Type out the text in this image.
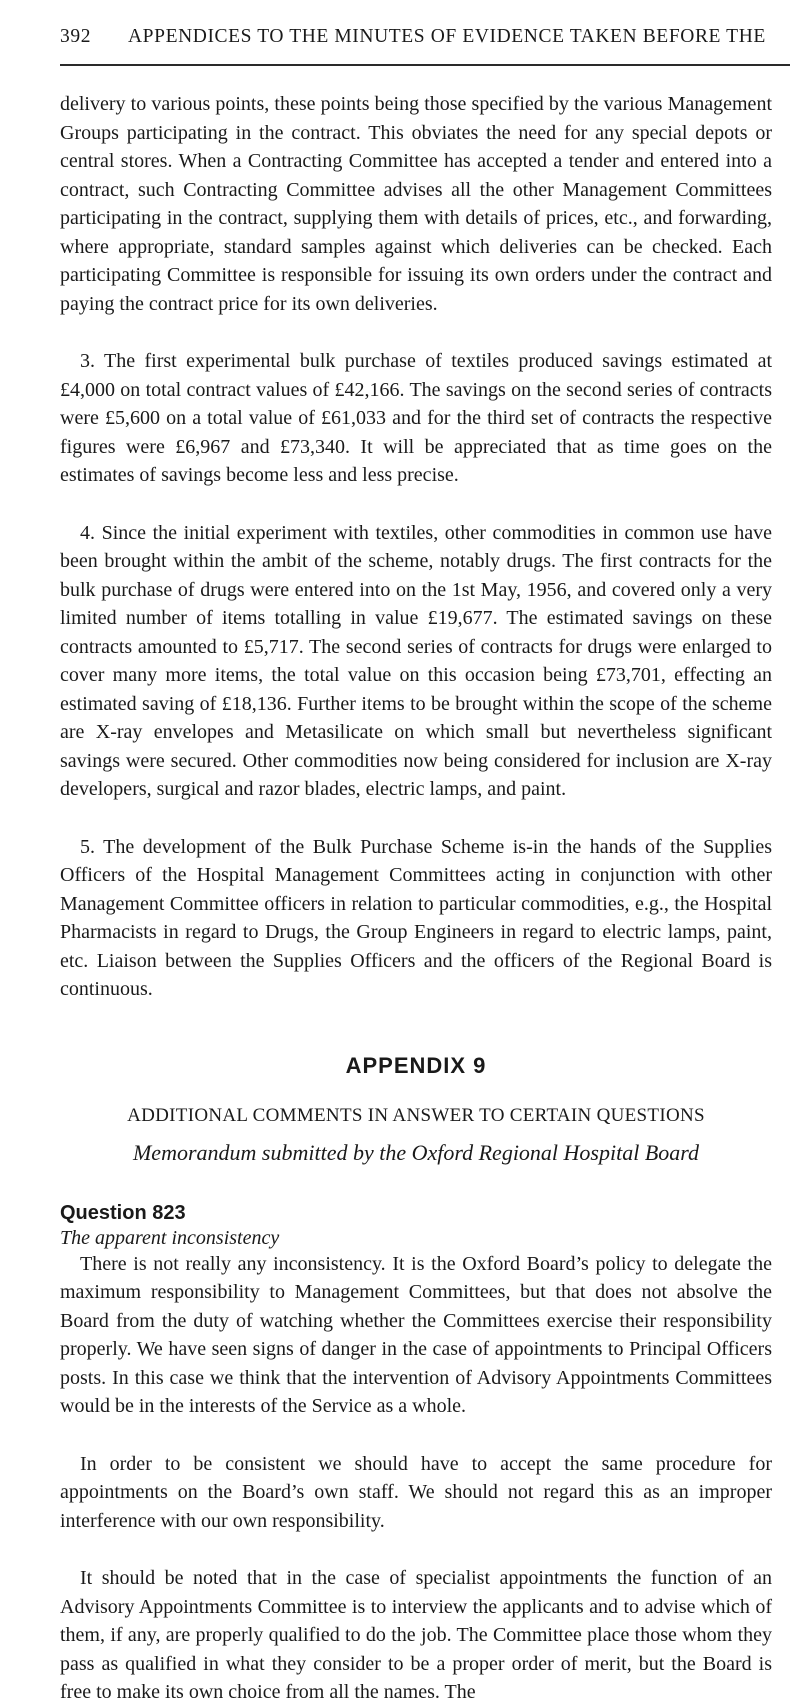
392 APPENDICES TO THE MINUTES OF EVIDENCE TAKEN BEFORE THE

delivery to various points, these points being those specified by the various Management Groups participating in the contract. This obviates the need for any special depots or central stores. When a Contracting Committee has accepted a tender and entered into a contract, such Contracting Committee advises all the other Management Committees participating in the contract, supplying them with details of prices, etc., and forwarding, where appropriate, standard samples against which deliveries can be checked. Each participating Committee is responsible for issuing its own orders under the contract and paying the contract price for its own deliveries.

3. The first experimental bulk purchase of textiles produced savings estimated at £4,000 on total contract values of £42,166. The savings on the second series of contracts were £5,600 on a total value of £61,033 and for the third set of contracts the respective figures were £6,967 and £73,340. It will be appreciated that as time goes on the estimates of savings become less and less precise.

4. Since the initial experiment with textiles, other commodities in common use have been brought within the ambit of the scheme, notably drugs. The first contracts for the bulk purchase of drugs were entered into on the 1st May, 1956, and covered only a very limited number of items totalling in value £19,677. The estimated savings on these contracts amounted to £5,717. The second series of contracts for drugs were enlarged to cover many more items, the total value on this occasion being £73,701, effecting an estimated saving of £18,136. Further items to be brought within the scope of the scheme are X-ray envelopes and Metasilicate on which small but nevertheless significant savings were secured. Other commodities now being considered for inclusion are X-ray developers, surgical and razor blades, electric lamps, and paint.

5. The development of the Bulk Purchase Scheme is-in the hands of the Supplies Officers of the Hospital Management Committees acting in conjunction with other Management Committee officers in relation to particular commodities, e.g., the Hospital Pharmacists in regard to Drugs, the Group Engineers in regard to electric lamps, paint, etc. Liaison between the Supplies Officers and the officers of the Regional Board is continuous.

APPENDIX 9
ADDITIONAL COMMENTS IN ANSWER TO CERTAIN QUESTIONS
Memorandum submitted by the Oxford Regional Hospital Board
Question 823
The apparent inconsistency

There is not really any inconsistency. It is the Oxford Board’s policy to delegate the maximum responsibility to Management Committees, but that does not absolve the Board from the duty of watching whether the Committees exercise their responsibility properly. We have seen signs of danger in the case of appointments to Principal Officers posts. In this case we think that the intervention of Advisory Appointments Committees would be in the interests of the Service as a whole.

In order to be consistent we should have to accept the same procedure for appointments on the Board’s own staff. We should not regard this as an improper interference with our own responsibility.

It should be noted that in the case of specialist appointments the function of an Advisory Appointments Committee is to interview the applicants and to advise which of them, if any, are properly qualified to do the job. The Committee place those whom they pass as qualified in what they consider to be a proper order of merit, but the Board is free to make its own choice from all the names. The
